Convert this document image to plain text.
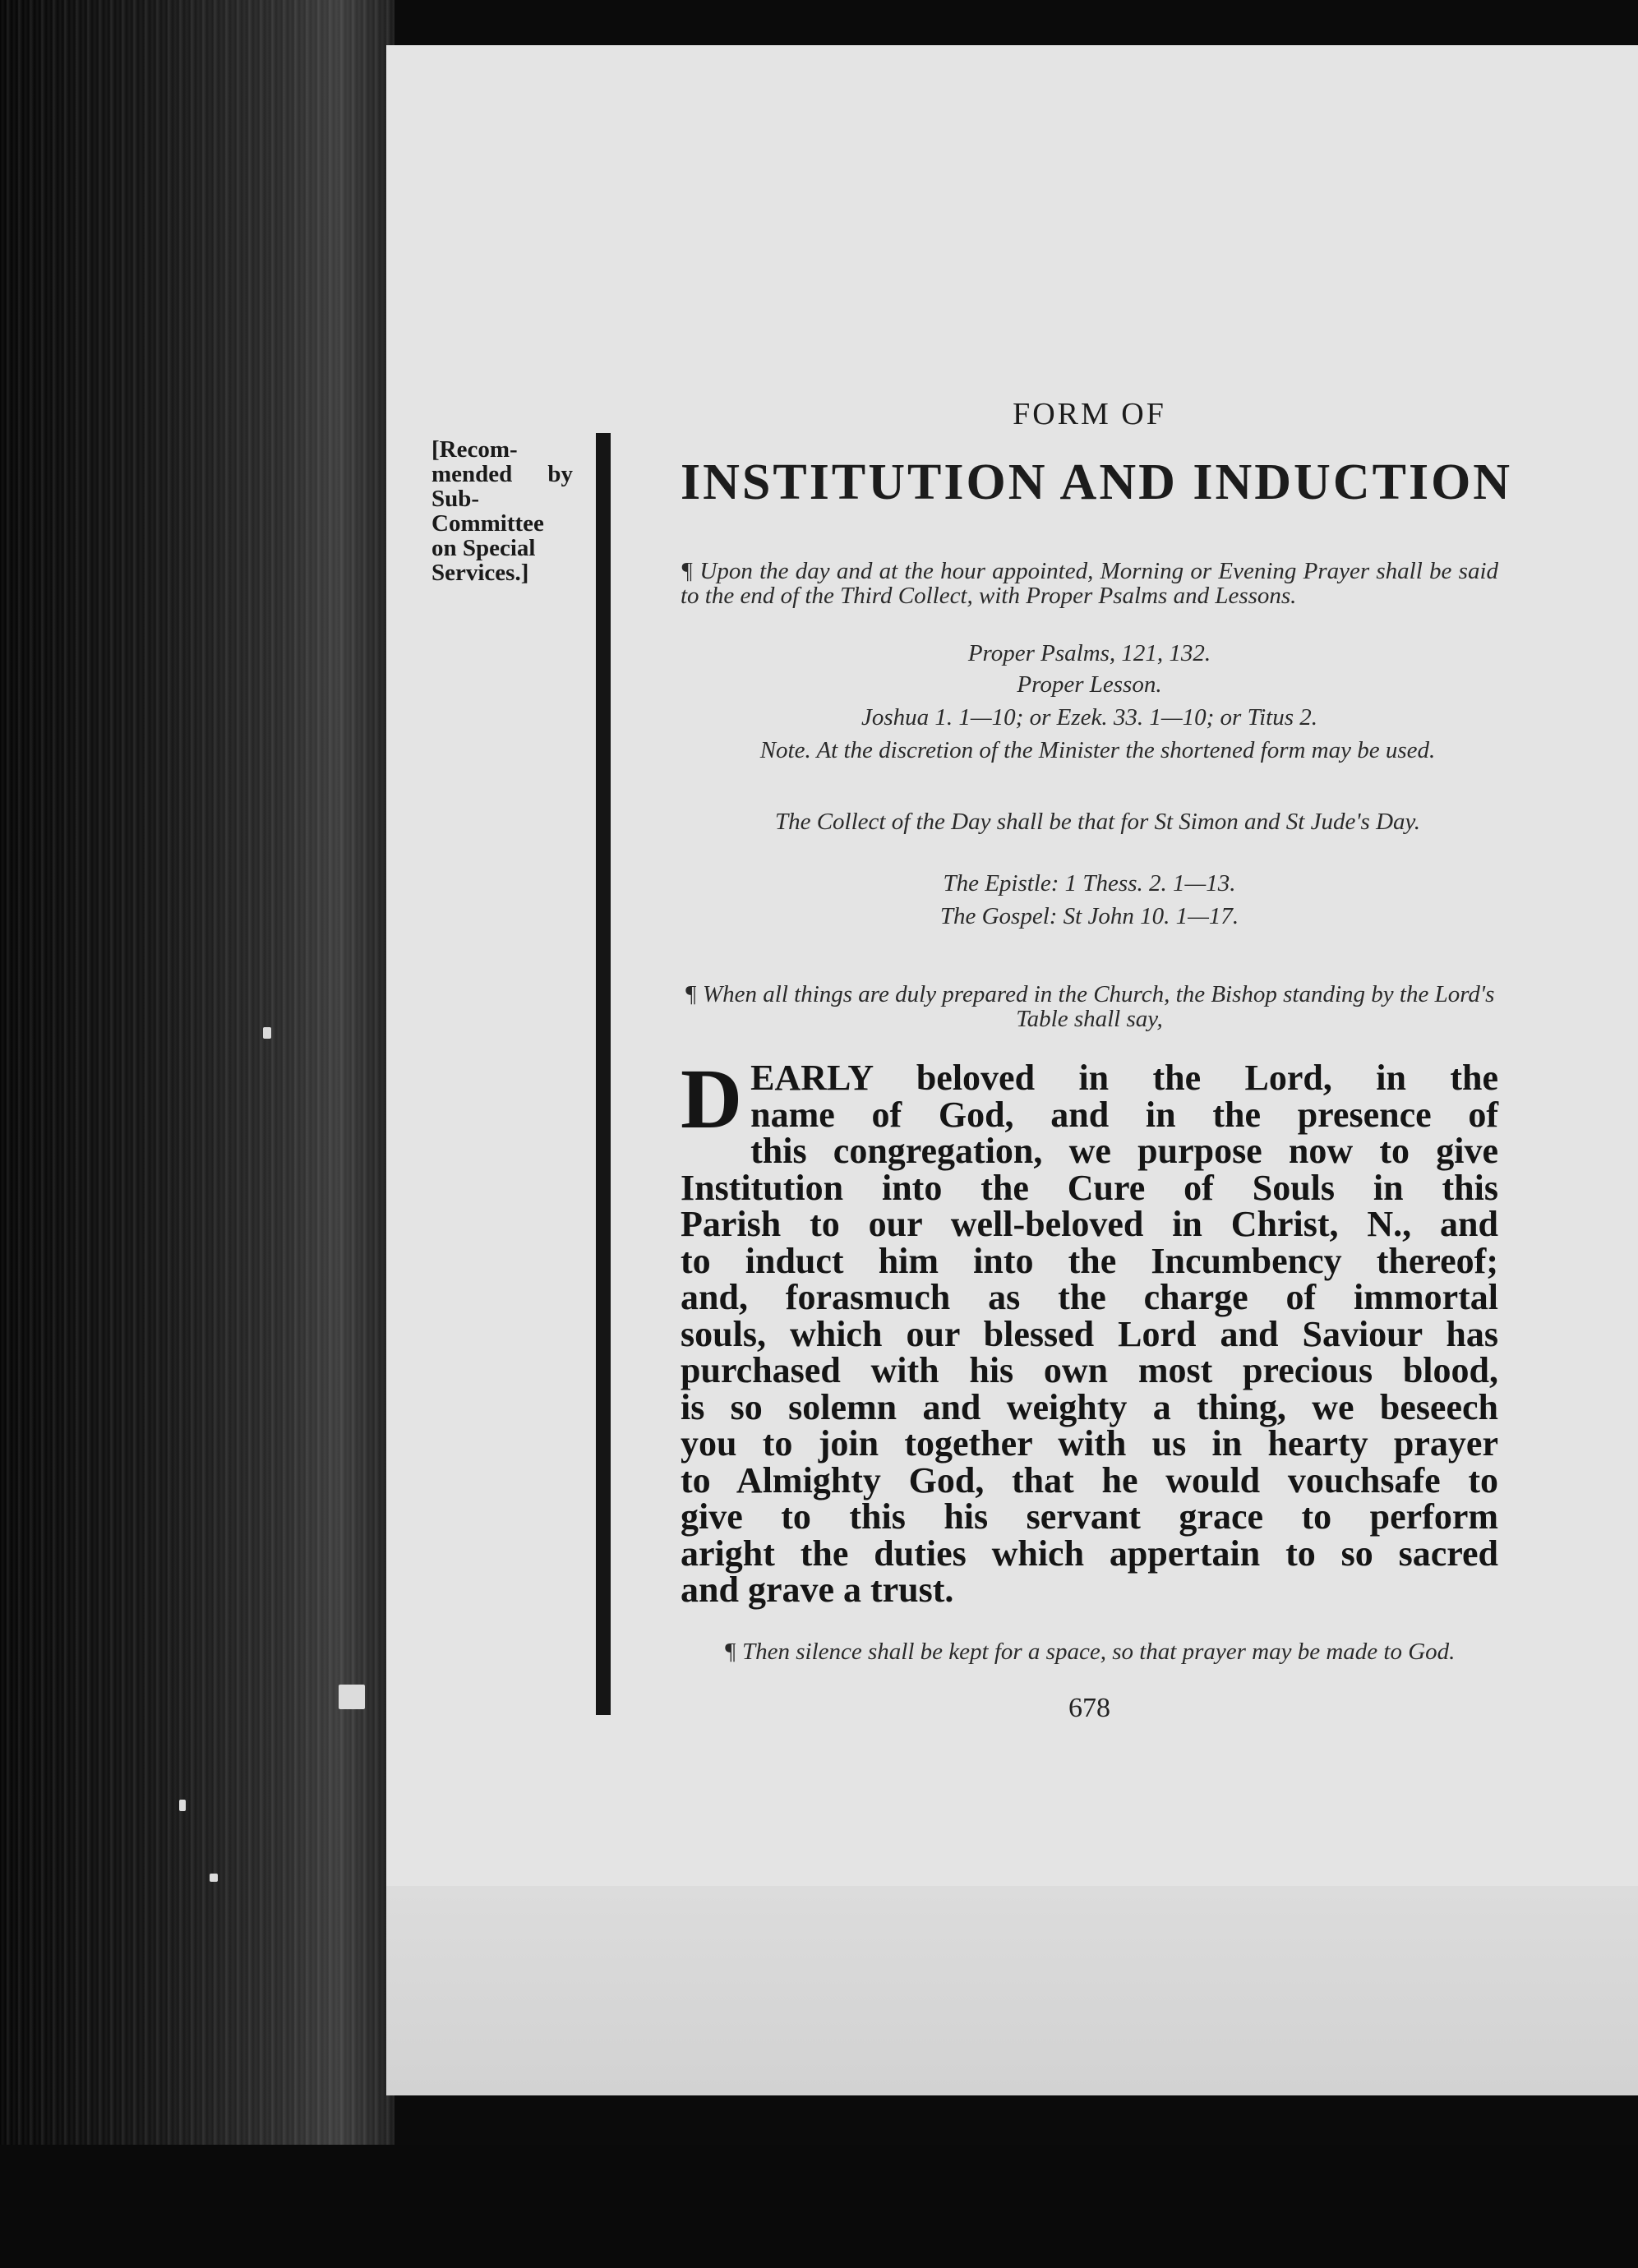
[Recom-
mended by
Sub-
Committee
on Special
Services.]
FORM OF
INSTITUTION AND INDUCTION
¶ Upon the day and at the hour appointed, Morning or Evening Prayer shall be said to the end of the Third Collect, with Proper Psalms and Lessons.
Proper Psalms, 121, 132.
Proper Lesson.
Joshua 1. 1—10; or Ezek. 33. 1—10; or Titus 2.
Note. At the discretion of the Minister the shortened form may be used.
The Collect of the Day shall be that for St Simon and St Jude's Day.
The Epistle: 1 Thess. 2. 1—13.
The Gospel: St John 10. 1—17.
¶ When all things are duly prepared in the Church, the Bishop standing by the Lord's Table shall say,
D EARLY beloved in the Lord, in the
name of God, and in the presence of
this congregation, we purpose now to give
Institution into the Cure of Souls in this
Parish to our well-beloved in Christ, N., and
to induct him into the Incumbency thereof;
and, forasmuch as the charge of immortal
souls, which our blessed Lord and Saviour has
purchased with his own most precious blood,
is so solemn and weighty a thing, we beseech
you to join together with us in hearty prayer
to Almighty God, that he would vouchsafe to
give to this his servant grace to perform
aright the duties which appertain to so sacred
and grave a trust.
¶ Then silence shall be kept for a space, so that prayer may be made to God.
678
